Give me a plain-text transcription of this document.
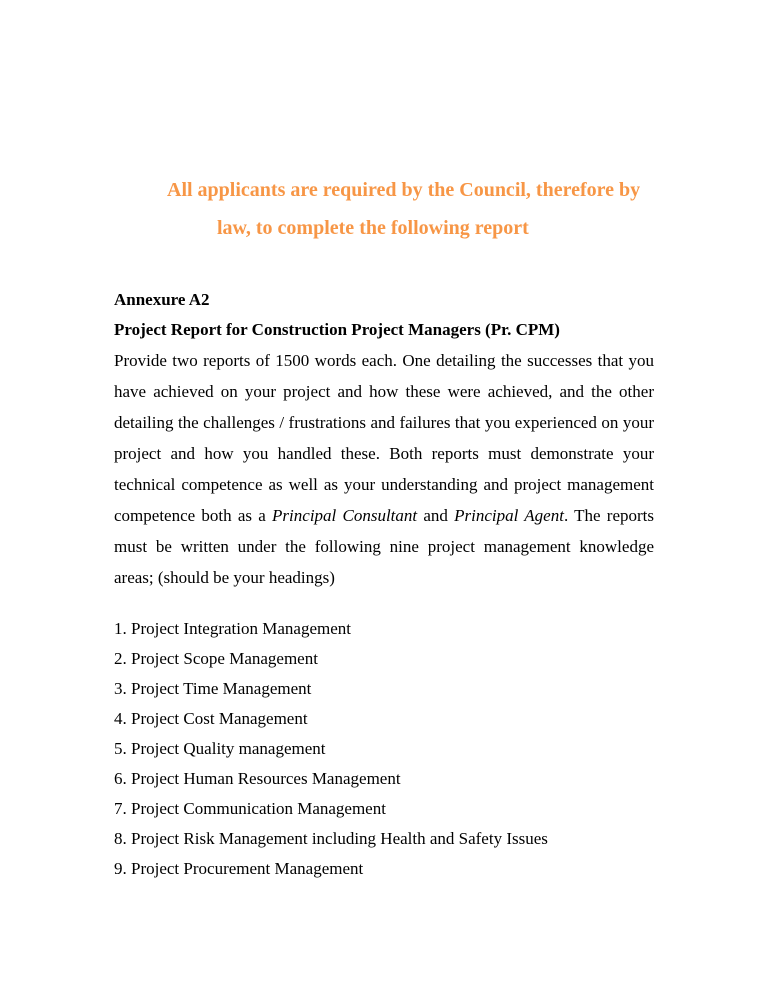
All applicants are required by the Council, therefore by
law, to complete the following report
Annexure A2
Project Report for Construction Project Managers (Pr. CPM)

Provide two reports of 1500 words each. One detailing the successes that you have achieved on your project and how these were achieved, and the other detailing the challenges / frustrations and failures that you experienced on your project and how you handled these. Both reports must demonstrate your technical competence as well as your understanding and project management competence both as a Principal Consultant and Principal Agent. The reports must be written under the following nine project management knowledge areas; (should be your headings)

1. Project Integration Management
2. Project Scope Management
3. Project Time Management
4. Project Cost Management
5. Project Quality management
6. Project Human Resources Management
7. Project Communication Management
8. Project Risk Management including Health and Safety Issues
9. Project Procurement Management
